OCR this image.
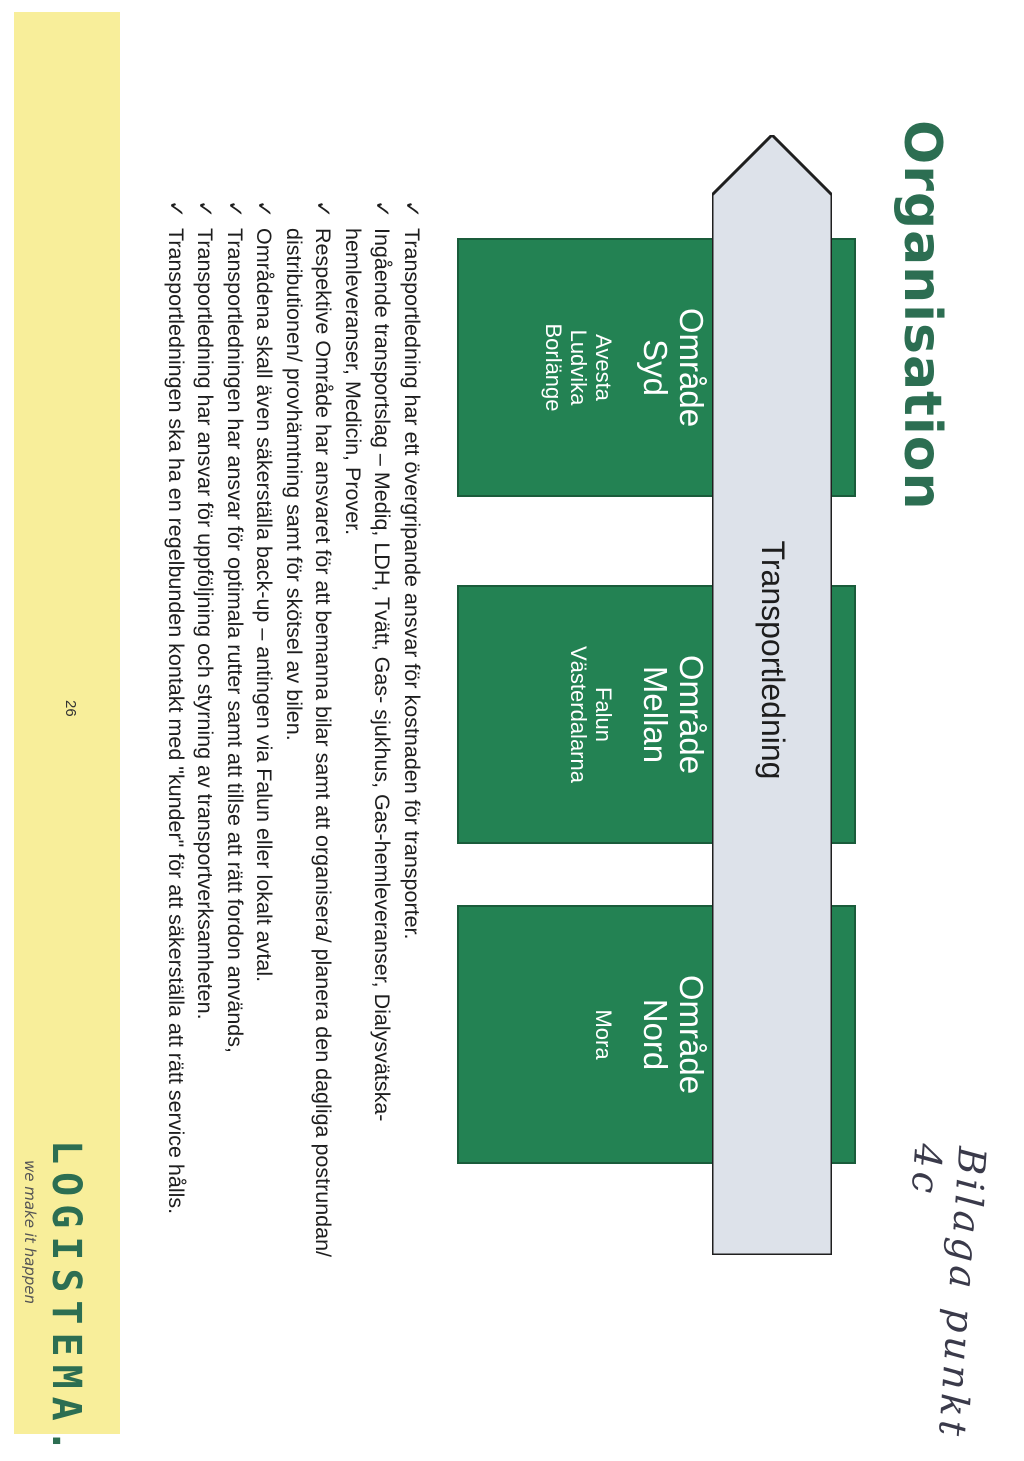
Organisation
Bilaga punkt 4c
Område
Syd
Avesta
Ludvika
Borlänge
Område
Mellan
Falun
Västerdalarna
Område
Nord
Mora
Transportledning
✓
Transportledning har ett övergripande ansvar för kostnaden för transporter.
✓
Ingående transportslag – Mediq, LDH, Tvätt, Gas- sjukhus, Gas-hemleveranser, Dialysvätska- hemleveranser, Medicin, Prover.
✓
Respektive Område har ansvaret för att bemanna bilar samt att organisera/ planera den dagliga postrundan/ distributionen/ provhämtning samt för skötsel av bilen.
✓
Områdena skall även säkerställa back-up – antingen via Falun eller lokalt avtal.
✓
Transportledningen har ansvar för optimala rutter samt att tillse att rätt fordon används,
✓
Transportledning har ansvar för uppföljning och styrning av transportverksamheten.
✓
Transportledningen ska ha en regelbunden kontakt med "kunder" för att säkerställa att rätt service hålls.
26
LOGISTEMA.
we make it happen
